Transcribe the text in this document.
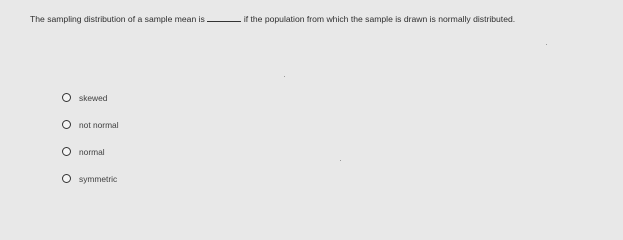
The sampling distribution of a sample mean is	if the population from which the sample is drawn is normally distributed.
skewed
not normal
normal
symmetric
